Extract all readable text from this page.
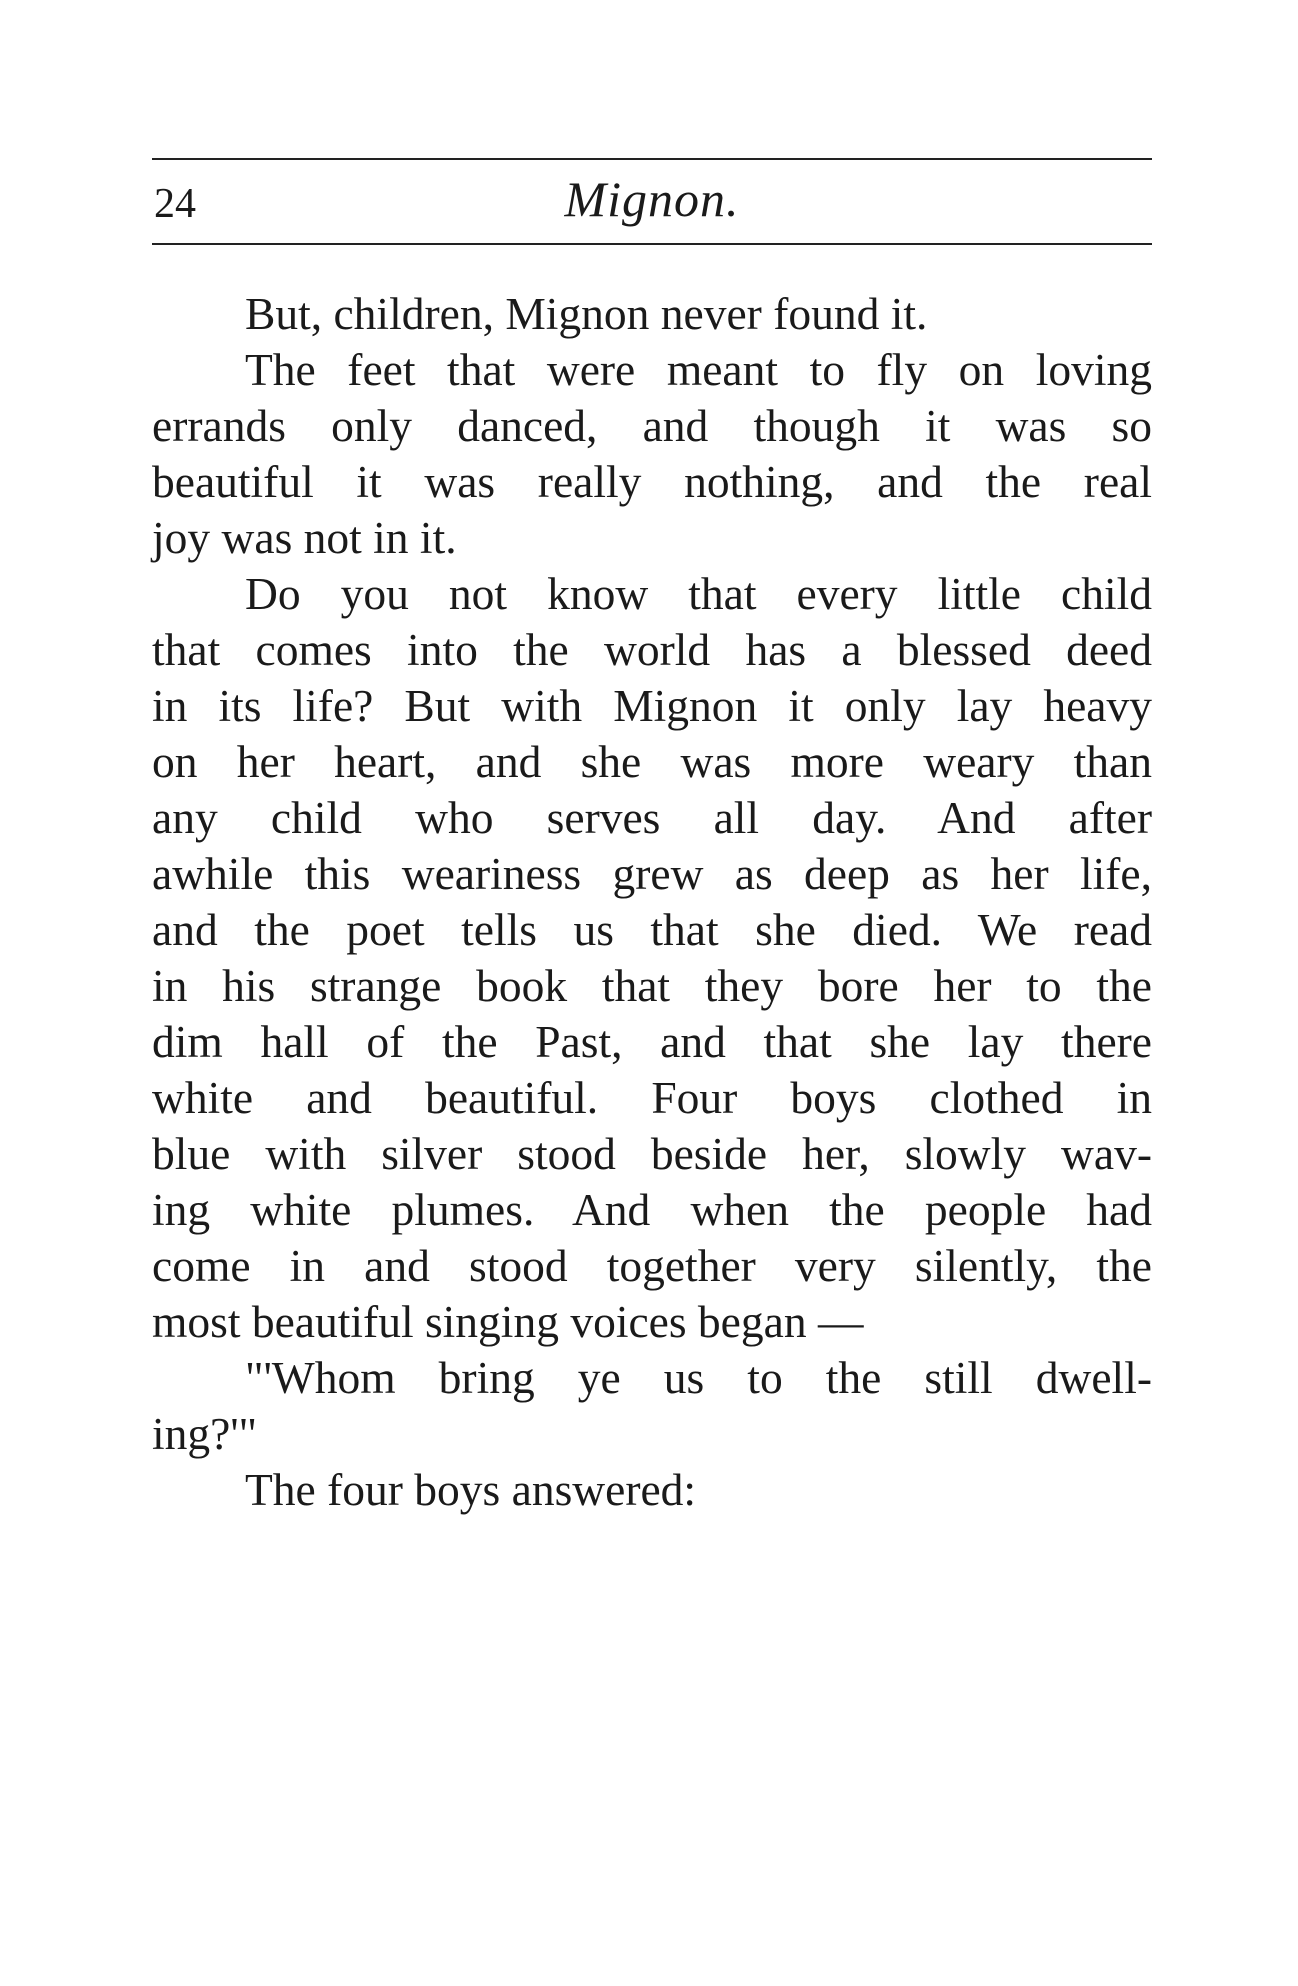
24	Mignon.
But, children, Mignon never found it.
The feet that were meant to fly on loving
errands only danced, and though it was so
beautiful it was really nothing, and the real
joy was not in it.
Do you not know that every little child
that comes into the world has a blessed deed
in its life? But with Mignon it only lay heavy
on her heart, and she was more weary than
any child who serves all day. And after
awhile this weariness grew as deep as her life,
and the poet tells us that she died. We read
in his strange book that they bore her to the
dim hall of the Past, and that she lay there
white and beautiful. Four boys clothed in
blue with silver stood beside her, slowly wav-
ing white plumes. And when the people had
come in and stood together very silently, the
most beautiful singing voices began —
"'Whom bring ye us to the still dwell-
ing?'"
The four boys answered:
